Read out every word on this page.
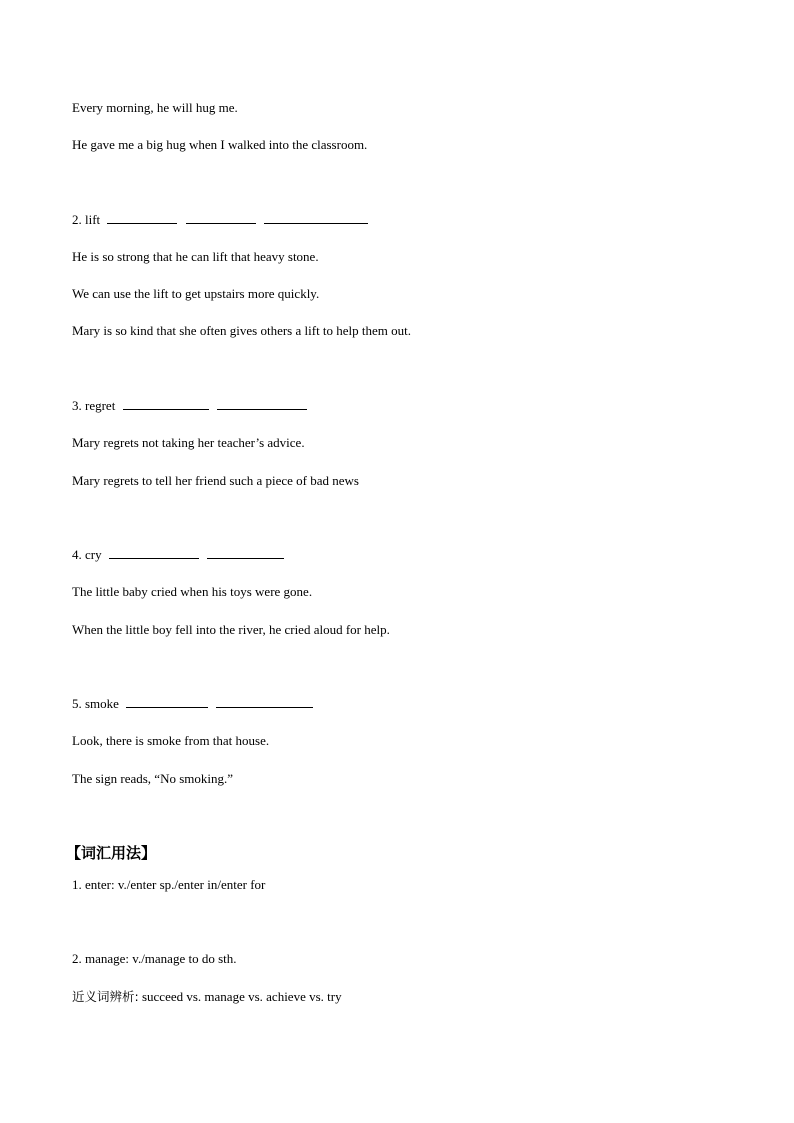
Every morning, he will hug me.
He gave me a big hug when I walked into the classroom.
2. lift
He is so strong that he can lift that heavy stone.
We can use the lift to get upstairs more quickly.
Mary is so kind that she often gives others a lift to help them out.
3. regret
Mary regrets not taking her teacher’s advice.
Mary regrets to tell her friend such a piece of bad news
4. cry
The little baby cried when his toys were gone.
When the little boy fell into the river, he cried aloud for help.
5. smoke
Look, there is smoke from that house.
The sign reads, “No smoking.”
【词汇用法】
1. enter: v./enter sp./enter in/enter for
2. manage: v./manage to do sth.
近义词辨析: succeed vs. manage vs. achieve vs. try
